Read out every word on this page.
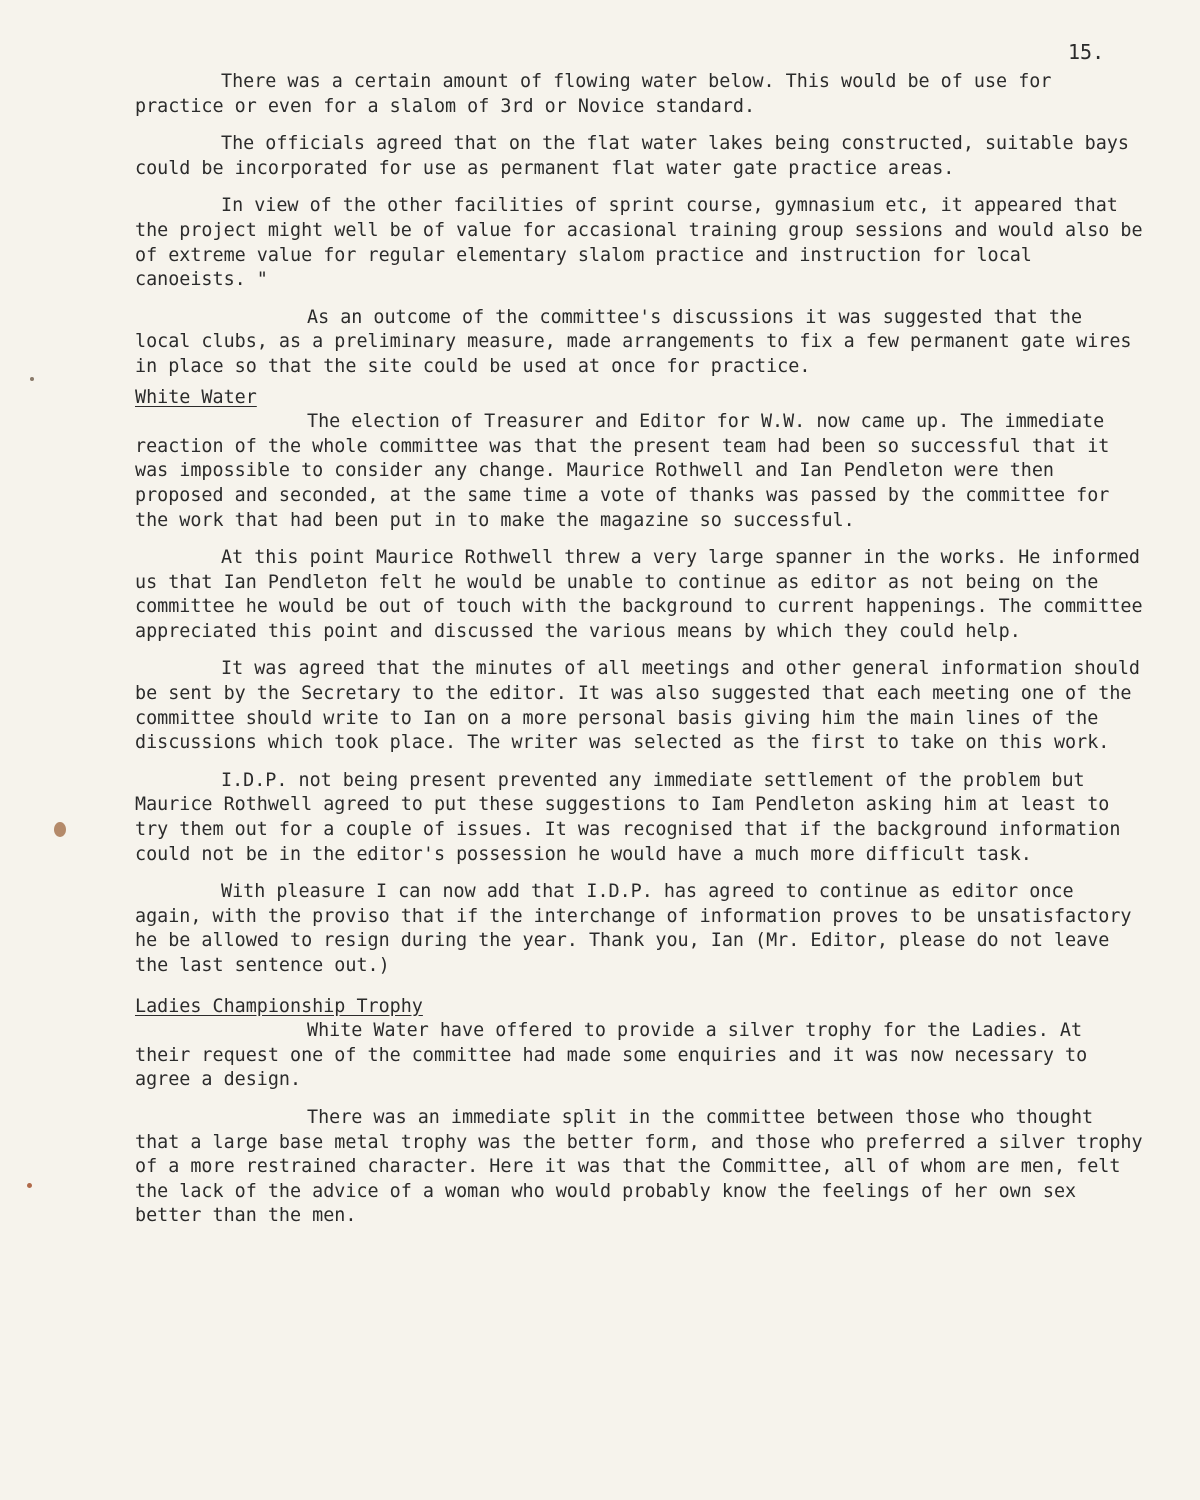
15.

There was a certain amount of flowing water below. This would be of use for practice or even for a slalom of 3rd or Novice standard.

The officials agreed that on the flat water lakes being constructed, suitable bays could be incorporated for use as permanent flat water gate practice areas.

In view of the other facilities of sprint course, gymnasium etc, it appeared that the project might well be of value for accasional training group sessions and would also be of extreme value for regular elementary slalom practice and instruction for local canoeists. "

As an outcome of the committee's discussions it was suggested that the local clubs, as a preliminary measure, made arrangements to fix a few permanent gate wires in place so that the site could be used at once for practice.

White Water

The election of Treasurer and Editor for W.W. now came up. The immediate reaction of the whole committee was that the present team had been so successful that it was impossible to consider any change. Maurice Rothwell and Ian Pendleton were then proposed and seconded, at the same time a vote of thanks was passed by the committee for the work that had been put in to make the magazine so successful.

At this point Maurice Rothwell threw a very large spanner in the works. He informed us that Ian Pendleton felt he would be unable to continue as editor as not being on the committee he would be out of touch with the background to current happenings. The committee appreciated this point and discussed the various means by which they could help.

It was agreed that the minutes of all meetings and other general information should be sent by the Secretary to the editor. It was also suggested that each meeting one of the committee should write to Ian on a more personal basis giving him the main lines of the discussions which took place. The writer was selected as the first to take on this work.

I.D.P. not being present prevented any immediate settlement of the problem but Maurice Rothwell agreed to put these suggestions to Iam Pendleton asking him at least to try them out for a couple of issues. It was recognised that if the background information could not be in the editor's possession he would have a much more difficult task.

With pleasure I can now add that I.D.P. has agreed to continue as editor once again, with the proviso that if the interchange of information proves to be unsatisfactory he be allowed to resign during the year. Thank you, Ian (Mr. Editor, please do not leave the last sentence out.)

Ladies Championship Trophy

White Water have offered to provide a silver trophy for the Ladies. At their request one of the committee had made some enquiries and it was now necessary to agree a design.

There was an immediate split in the committee between those who thought that a large base metal trophy was the better form, and those who preferred a silver trophy of a more restrained character. Here it was that the Committee, all of whom are men, felt the lack of the advice of a woman who would probably know the feelings of her own sex better than the men.
